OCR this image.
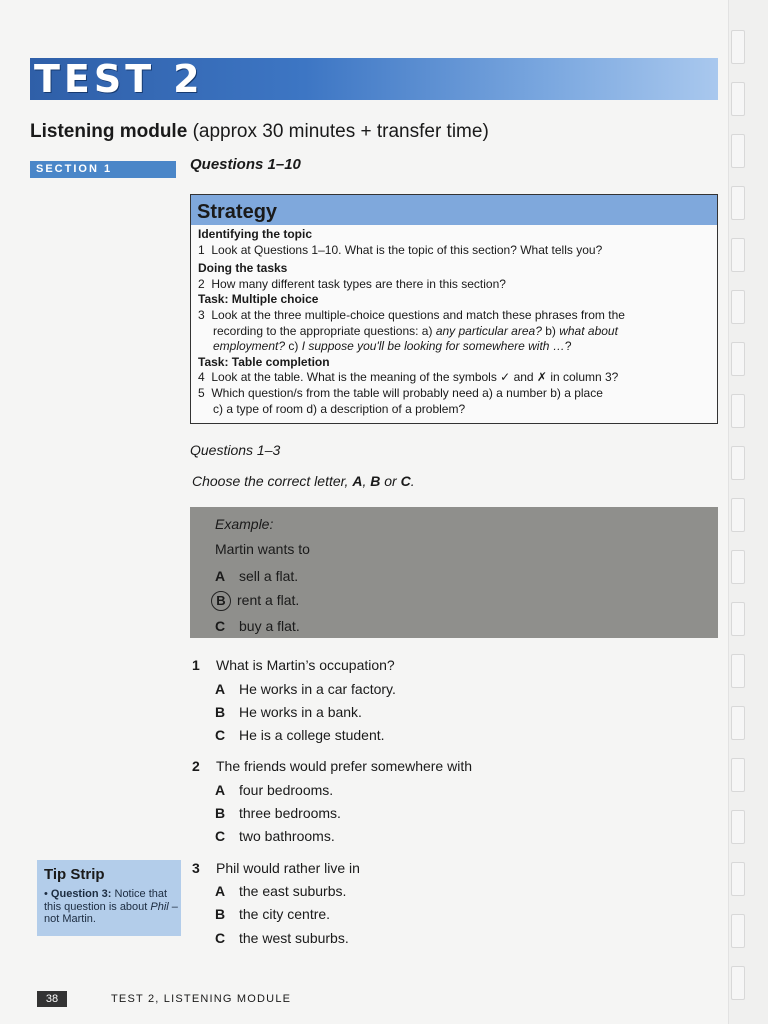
TEST 2
Listening module (approx 30 minutes + transfer time)
SECTION 1	Questions 1–10
Strategy
Identifying the topic
1 Look at Questions 1–10. What is the topic of this section? What tells you?
Doing the tasks
2 How many different task types are there in this section?
Task: Multiple choice
3 Look at the three multiple-choice questions and match these phrases from the
recording to the appropriate questions: a) any particular area? b) what about
employment? c) I suppose you'll be looking for somewhere with …?
Task: Table completion
4 Look at the table. What is the meaning of the symbols ✓ and ✗ in column 3?
5 Which question/s from the table will probably need a) a number b) a place
c) a type of room d) a description of a problem?
Questions 1–3
Choose the correct letter, A, B or C.
Example:
Martin wants to
A sell a flat.
B rent a flat.
C buy a flat.
1 What is Martin’s occupation?
A He works in a car factory.
B He works in a bank.
C He is a college student.
2 The friends would prefer somewhere with
A four bedrooms.
B three bedrooms.
C two bathrooms.
3 Phil would rather live in
A the east suburbs.
B the city centre.
C the west suburbs.
Tip Strip
• Question 3: Notice that this question is about Phil – not Martin.
38	TEST 2, LISTENING MODULE
